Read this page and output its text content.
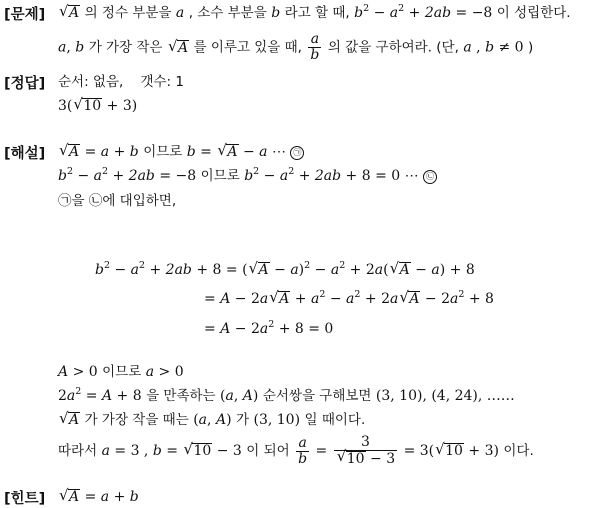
[문제]
√	A 의 정수 부분을 a , 소수 부분을 b 라고 할 때, $b^2 - a^2 + 2ab = -8$ 이 성립한다.
a, b 가 가장 작은 √ A 를 이루고 있을 때, $\frac{a}{b}$ 의 값을 구하여라. (단, a , b ≠ 0 )
[정답] 순서: 없음, 갯수: 1
3(√ 10 + 3)
[해설]
√	A = a + b 이므로 b = √ A − a ⋯ ㉠
$b^2 - a^2 + 2ab = -8$ 이므로 $b^2 - a^2 + 2ab + 8 = 0$ ⋯ ㉡
㉠을 ㉡에 대입하면,
$b^2 - a^2 + 2ab + 8$ = (√ $A - a)^2 - a^2 + 2a(√$ A − a) + 8
= A − 2a√ $A + a^2 - a^2 + 2a√$ $A - 2a^2 + 8$
= $A - 2a^2 + 8 = 0$
A > 0 이므로 a > 0
$2a^2 = A + 8$ 을 만족하는 (a, A) 순서쌍을 구해보면 (3, 10), (4, 24), ……
√ A 가 가장 작을 때는 (a, A) 가 (3, 10) 일 때이다.
따라서 a = 3 , b = √ 10 − 3 이 되어 $\frac{a}{b} = 3$
√ 10 − 3 = 3(√ 10 + 3) 이다.
[힌트]
√	A = a + b
